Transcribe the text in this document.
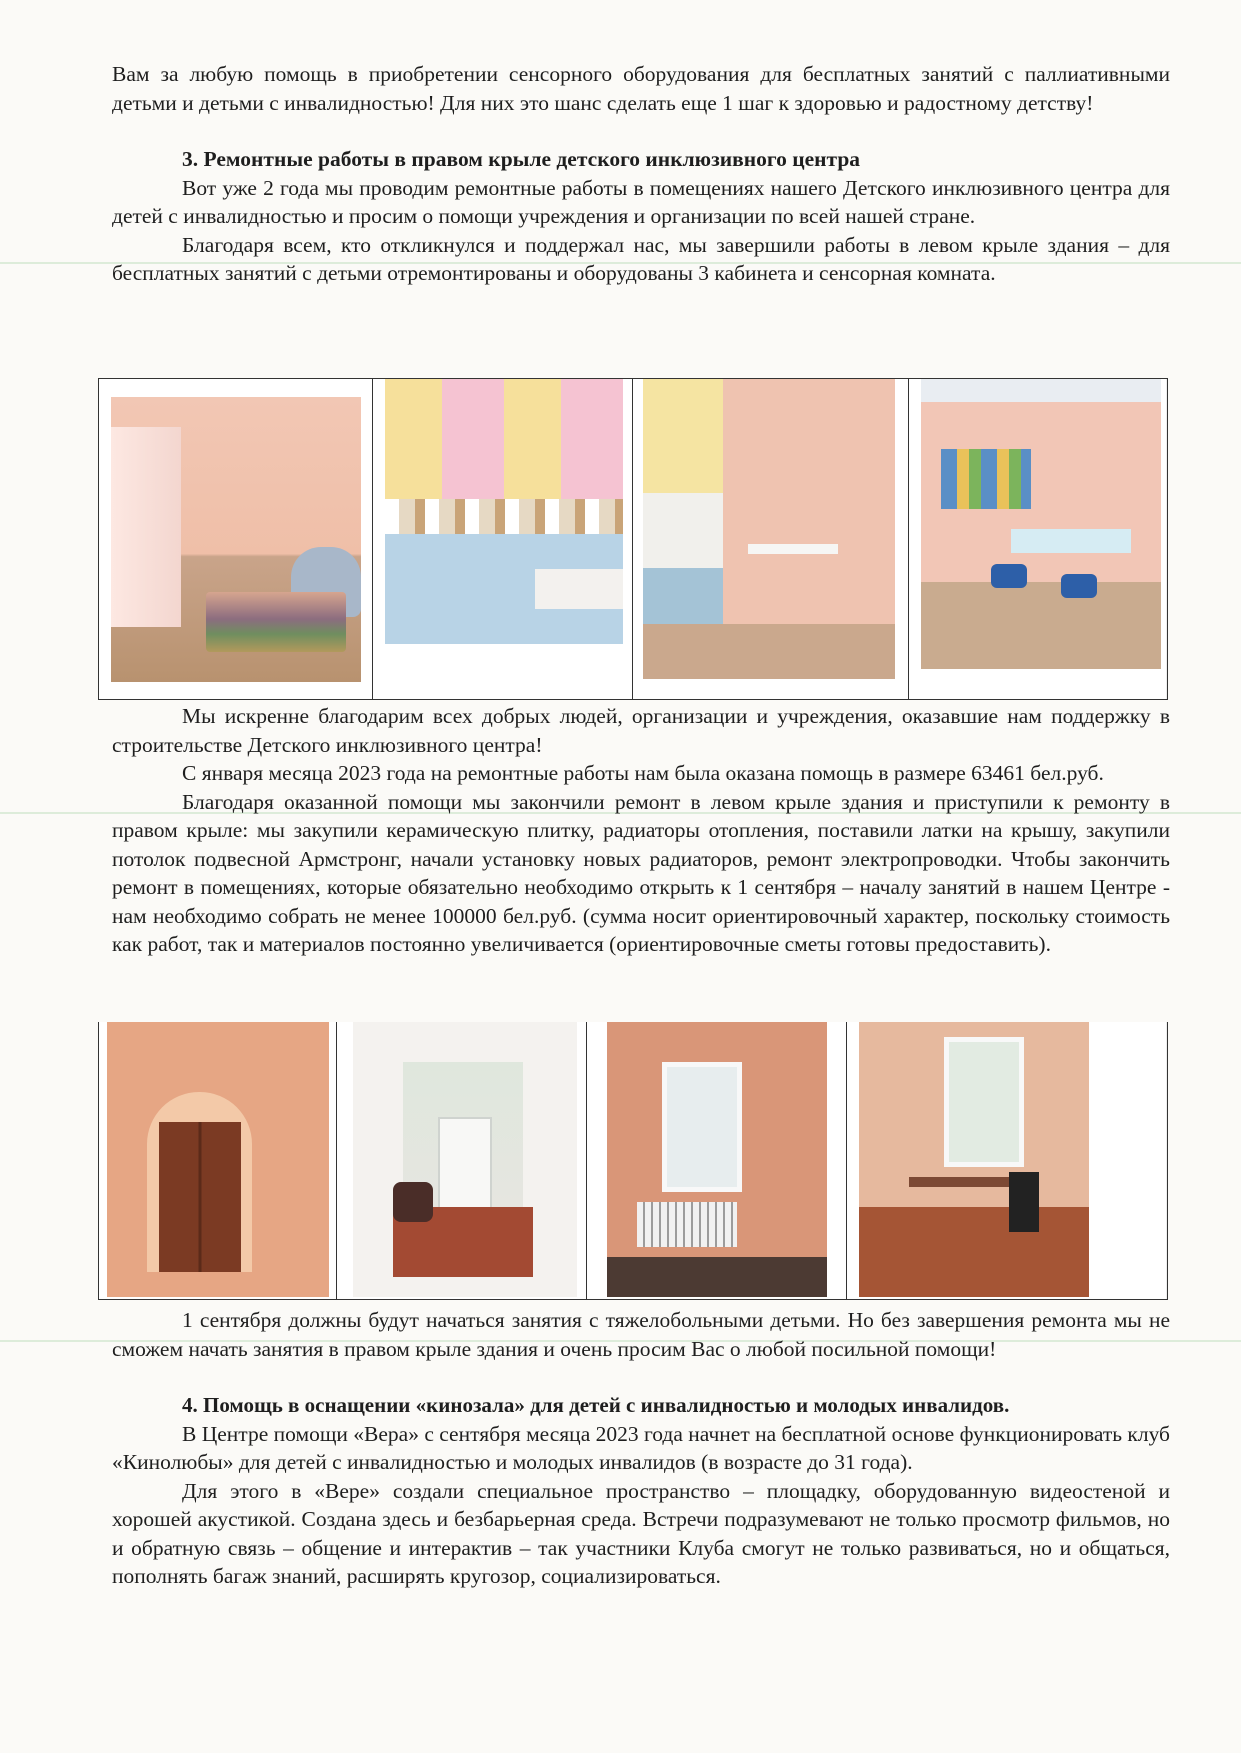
Вам за любую помощь в приобретении сенсорного оборудования для бесплатных занятий с паллиативными детьми и детьми с инвалидностью! Для них это шанс сделать еще 1 шаг к здоровью и радостному детству!

3. Ремонтные работы в правом крыле детского инклюзивного центра

Вот уже 2 года мы проводим ремонтные работы в помещениях нашего Детского инклюзивного центра для детей с инвалидностью и просим о помощи учреждения и организации по всей нашей стране.

Благодаря всем, кто откликнулся и поддержал нас, мы завершили работы в левом крыле здания – для бесплатных занятий с детьми отремонтированы и оборудованы 3 кабинета и сенсорная комната.

Мы искренне благодарим всех добрых людей, организации и учреждения, оказавшие нам поддержку в строительстве Детского инклюзивного центра!

С января месяца 2023 года на ремонтные работы нам была оказана помощь в размере 63461 бел.руб.

Благодаря оказанной помощи мы закончили ремонт в левом крыле здания и приступили к ремонту в правом крыле: мы закупили керамическую плитку, радиаторы отопления, поставили латки на крышу, закупили потолок подвесной Армстронг, начали установку новых радиаторов, ремонт электропроводки. Чтобы закончить ремонт в помещениях, которые обязательно необходимо открыть к 1 сентября – началу занятий в нашем Центре - нам необходимо собрать не менее 100000 бел.руб. (сумма носит ориентировочный характер, поскольку стоимость как работ, так и материалов постоянно увеличивается (ориентировочные сметы готовы предоставить).

1 сентября должны будут начаться занятия с тяжелобольными детьми. Но без завершения ремонта мы не сможем начать занятия в правом крыле здания и очень просим Вас о любой посильной помощи!

4. Помощь в оснащении «кинозала» для детей с инвалидностью и молодых инвалидов.

В Центре помощи «Вера» с сентября месяца 2023 года начнет на бесплатной основе функционировать клуб «Кинолюбы» для детей с инвалидностью и молодых инвалидов (в возрасте до 31 года).

Для этого в «Вере» создали специальное пространство – площадку, оборудованную видеостеной и хорошей акустикой. Создана здесь и безбарьерная среда. Встречи подразумевают не только просмотр фильмов, но и обратную связь – общение и интерактив – так участники Клуба смогут не только развиваться, но и общаться, пополнять багаж знаний, расширять кругозор, социализироваться.
